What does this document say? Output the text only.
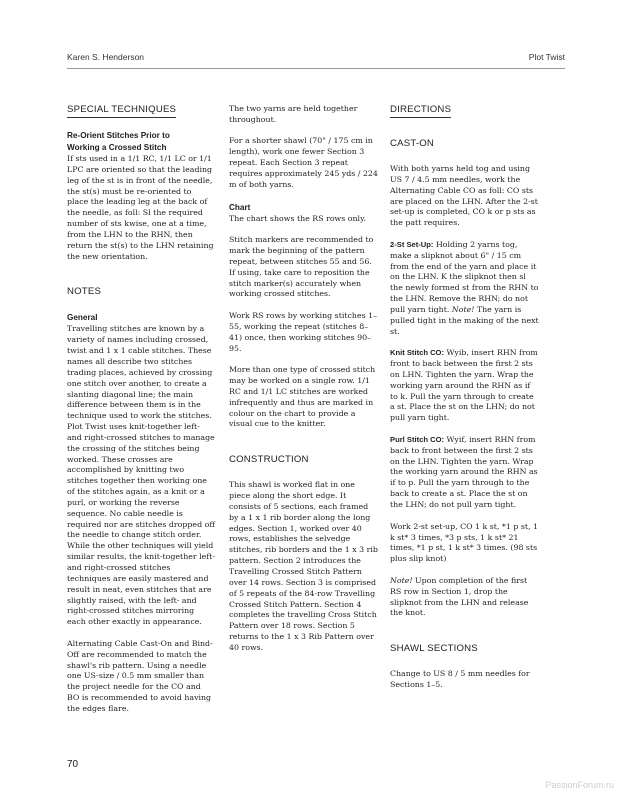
Karen S. Henderson	Plot Twist
SPECIAL TECHNIQUES
Re-Orient Stitches Prior to
Working a Crossed Stitch

If sts used in a 1/1 RC, 1/1 LC or 1/1 LPC are oriented so that the leading leg of the st is in front of the needle, the st(s) must be re-oriented to place the leading leg at the back of the needle, as foll: Sl the required number of sts kwise, one at a time, from the LHN to the RHN, then return the st(s) to the LHN retaining the new orientation.

NOTES
General

Travelling stitches are known by a variety of names including crossed, twist and 1 x 1 cable stitches. These names all describe two stitches trading places, achieved by crossing one stitch over another, to create a slanting diagonal line; the main difference between them is in the technique used to work the stitches. Plot Twist uses knit-together left- and right-crossed stitches to manage the crossing of the stitches being worked. These crosses are accomplished by knitting two stitches together then working one of the stitches again, as a knit or a purl, or working the reverse sequence. No cable needle is required nor are stitches dropped off the needle to change stitch order. While the other techniques will yield similar results, the knit-together left- and right-crossed stitches techniques are easily mastered and result in neat, even stitches that are slightly raised, with the left- and right-crossed stitches mirroring each other exactly in appearance.

Alternating Cable Cast-On and Bind-Off are recommended to match the shawl's rib pattern. Using a needle one US-size / 0.5 mm smaller than the project needle for the CO and BO is recommended to avoid having the edges flare.

The two yarns are held together throughout.

For a shorter shawl (70" / 175 cm in length), work one fewer Section 3 repeat. Each Section 3 repeat requires approximately 245 yds / 224 m of both yarns.

Chart

The chart shows the RS rows only.

Stitch markers are recommended to mark the beginning of the pattern repeat, between stitches 55 and 56. If using, take care to reposition the stitch marker(s) accurately when working crossed stitches.

Work RS rows by working stitches 1–55, working the repeat (stitches 8–41) once, then working stitches 90–95.

More than one type of crossed stitch may be worked on a single row. 1/1 RC and 1/1 LC stitches are worked infrequently and thus are marked in colour on the chart to provide a visual cue to the knitter.

CONSTRUCTION

This shawl is worked flat in one piece along the short edge. It consists of 5 sections, each framed by a 1 x 1 rib border along the long edges. Section 1, worked over 40 rows, establishes the selvedge stitches, rib borders and the 1 x 3 rib pattern. Section 2 introduces the Travelling Crossed Stitch Pattern over 14 rows. Section 3 is comprised of 5 repeats of the 84-row Travelling Crossed Stitch Pattern. Section 4 completes the travelling Cross Stitch Pattern over 18 rows. Section 5 returns to the 1 x 3 Rib Pattern over 40 rows.

DIRECTIONS
CAST-ON

With both yarns held tog and using US 7 / 4.5 mm needles, work the Alternating Cable CO as foll: CO sts are placed on the LHN. After the 2-st set-up is completed, CO k or p sts as the patt requires.

2-St Set-Up: Holding 2 yarns tog, make a slipknot about 6" / 15 cm from the end of the yarn and place it on the LHN. K the slipknot then sl the newly formed st from the RHN to the LHN. Remove the RHN; do not pull yarn tight. Note! The yarn is pulled tight in the making of the next st.

Knit Stitch CO: Wyib, insert RHN from front to back between the first 2 sts on LHN. Tighten the yarn. Wrap the working yarn around the RHN as if to k. Pull the yarn through to create a st. Place the st on the LHN; do not pull yarn tight.

Purl Stitch CO: Wyif, insert RHN from back to front between the first 2 sts on the LHN. Tighten the yarn. Wrap the working yarn around the RHN as if to p. Pull the yarn through to the back to create a st. Place the st on the LHN; do not pull yarn tight.

Work 2-st set-up, CO 1 k st, *1 p st, 1 k st* 3 times, *3 p sts, 1 k st* 21 times, *1 p st, 1 k st* 3 times. (98 sts plus slip knot)

Note! Upon completion of the first RS row in Section 1, drop the slipknot from the LHN and release the knot.

SHAWL SECTIONS

Change to US 8 / 5 mm needles for Sections 1–5.

70
PassionForum.ru
